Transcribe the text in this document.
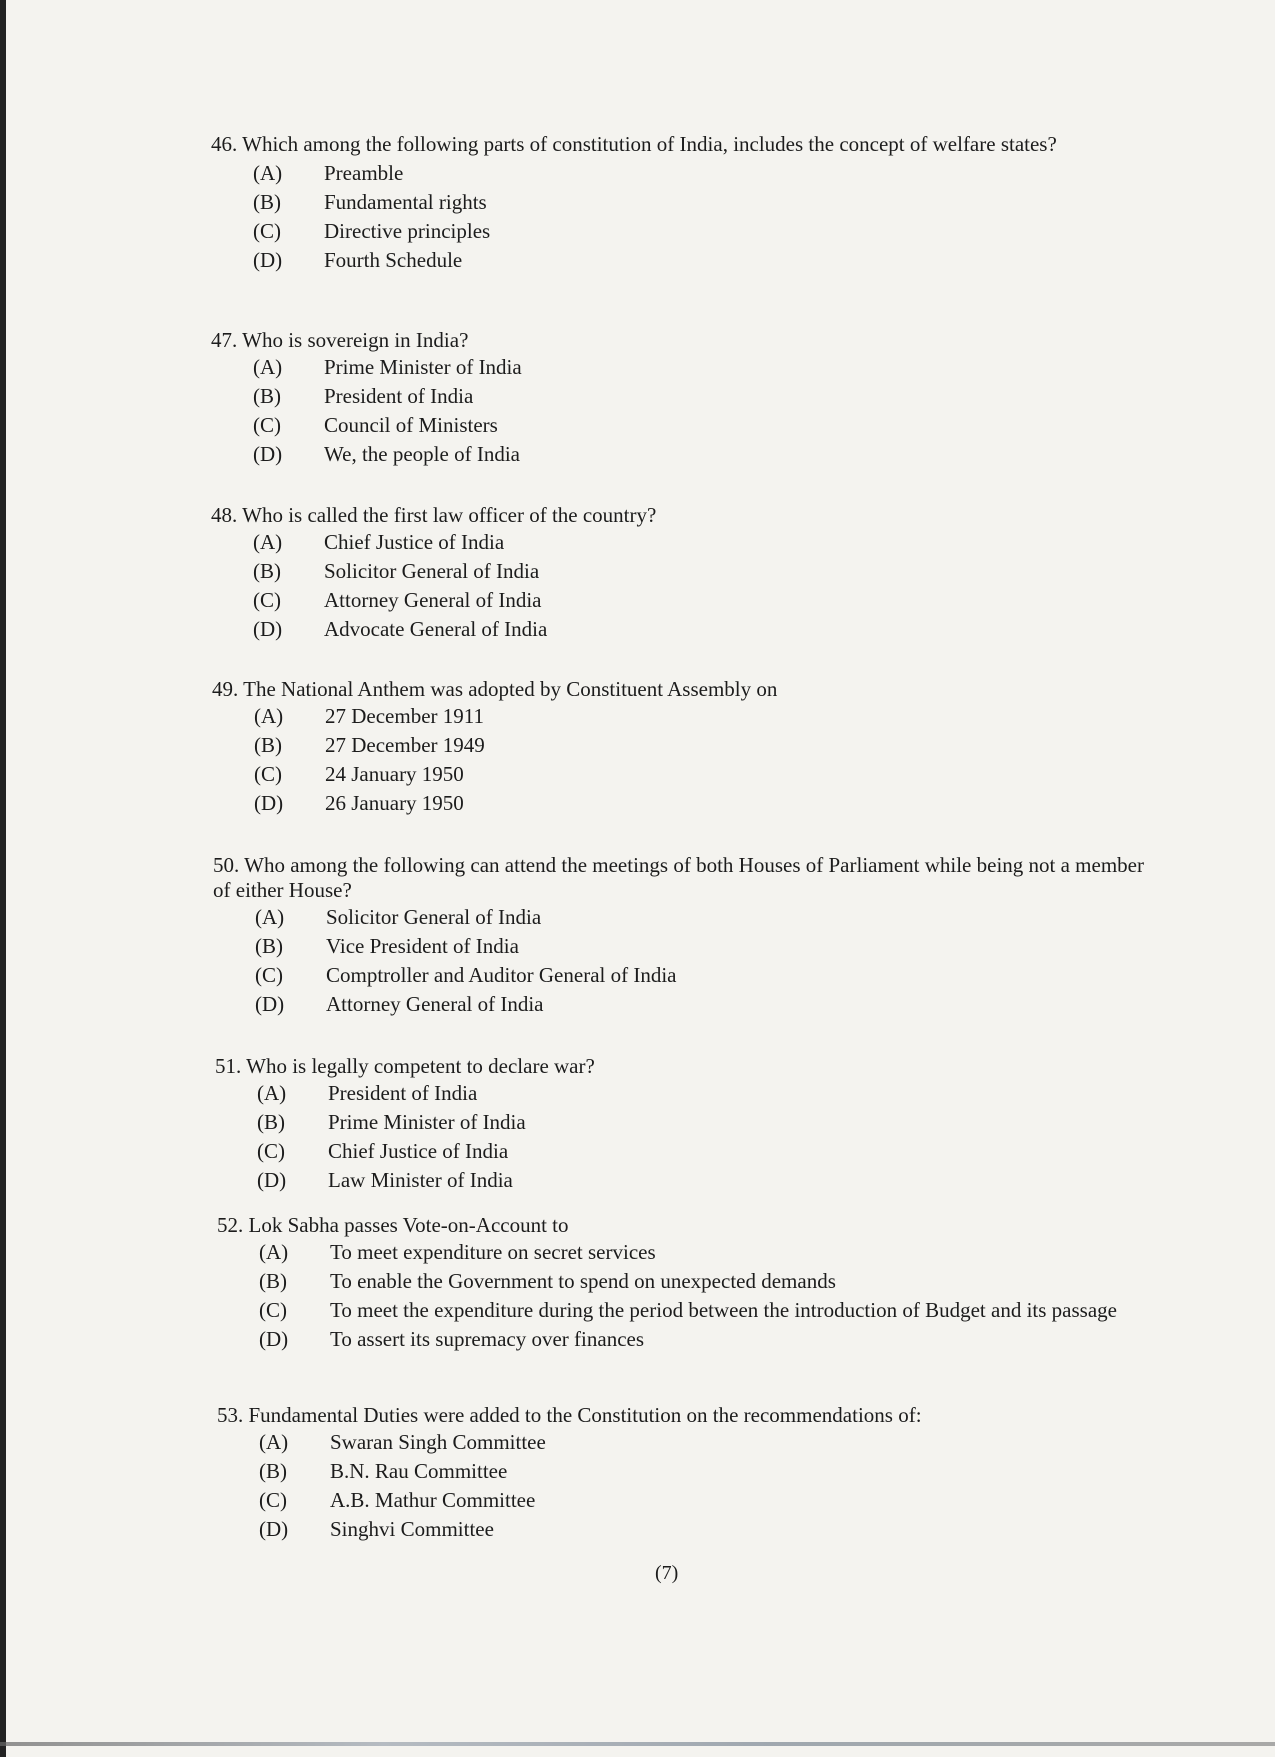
46. Which among the following parts of constitution of India, includes the concept of welfare states?
(A) Preamble
(B) Fundamental rights
(C) Directive principles
(D) Fourth Schedule
47. Who is sovereign in India?
(A) Prime Minister of India
(B) President of India
(C) Council of Ministers
(D) We, the people of India
48. Who is called the first law officer of the country?
(A) Chief Justice of India
(B) Solicitor General of India
(C) Attorney General of India
(D) Advocate General of India
49. The National Anthem was adopted by Constituent Assembly on
(A) 27 December 1911
(B) 27 December 1949
(C) 24 January 1950
(D) 26 January 1950
50. Who among the following can attend the meetings of both Houses of Parliament while being not a member of either House?
(A) Solicitor General of India
(B) Vice President of India
(C) Comptroller and Auditor General of India
(D) Attorney General of India
51. Who is legally competent to declare war?
(A) President of India
(B) Prime Minister of India
(C) Chief Justice of India
(D) Law Minister of India
52. Lok Sabha passes Vote-on-Account to
(A) To meet expenditure on secret services
(B) To enable the Government to spend on unexpected demands
(C) To meet the expenditure during the period between the introduction of Budget and its passage
(D) To assert its supremacy over finances
53. Fundamental Duties were added to the Constitution on the recommendations of:
(A) Swaran Singh Committee
(B) B.N. Rau Committee
(C) A.B. Mathur Committee
(D) Singhvi Committee
(7)
